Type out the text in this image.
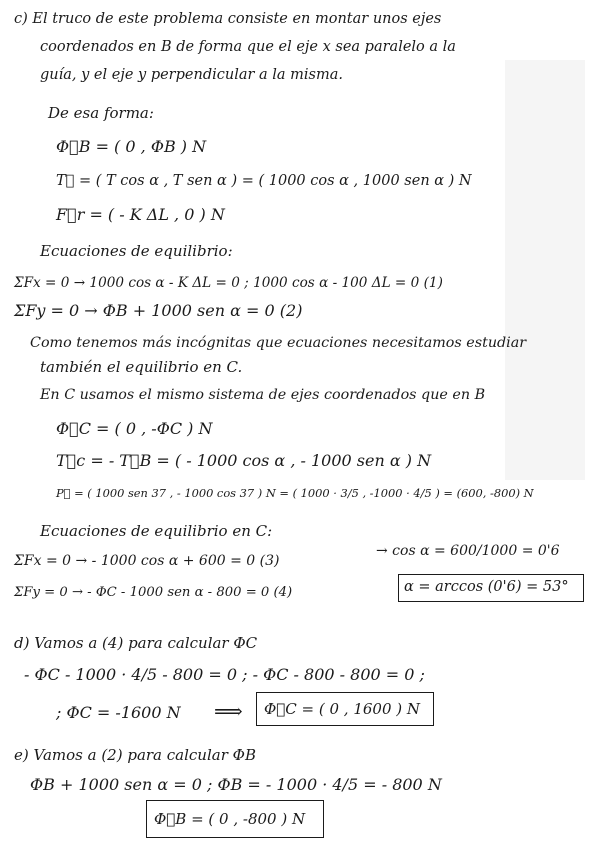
c) El truco de este problema consiste en montar unos ejes
coordenados en B de forma que el eje x sea paralelo a la
guía, y el eje y perpendicular a la misma.
De esa forma:
Φ⃗B = ( 0 , ΦB ) N
T⃗ = ( T cos α , T sen α ) = ( 1000 cos α , 1000 sen α ) N
F⃗r = ( - K ΔL , 0 ) N
Ecuaciones de equilibrio:
ΣFx = 0 → 1000 cos α - K ΔL = 0 ; 1000 cos α - 100 ΔL = 0 (1)
ΣFy = 0 → ΦB + 1000 sen α = 0 (2)
Como tenemos más incógnitas que ecuaciones necesitamos estudiar
también el equilibrio en C.
En C usamos el mismo sistema de ejes coordenados que en B
Φ⃗C = ( 0 , -ΦC ) N
T⃗c = - T⃗B = ( - 1000 cos α , - 1000 sen α ) N
P⃗ = ( 1000 sen 37 , - 1000 cos 37 ) N = ( 1000 · 3/5 , -1000 · 4/5 ) = (600, -800) N
Ecuaciones de equilibrio en C:
ΣFx = 0 → - 1000 cos α + 600 = 0 (3)
ΣFy = 0 → - ΦC - 1000 sen α - 800 = 0 (4)
→ cos α = 600/1000 = 0'6
α = arccos (0'6) = 53°
d) Vamos a (4) para calcular ΦC
- ΦC - 1000 · 4/5 - 800 = 0 ; - ΦC - 800 - 800 = 0 ;
; ΦC = -1600 N ⟹ Φ⃗C = ( 0 , 1600 ) N
e) Vamos a (2) para calcular ΦB
ΦB + 1000 sen α = 0 ; ΦB = - 1000 · 4/5 = - 800 N
Φ⃗B = ( 0 , -800 ) N
